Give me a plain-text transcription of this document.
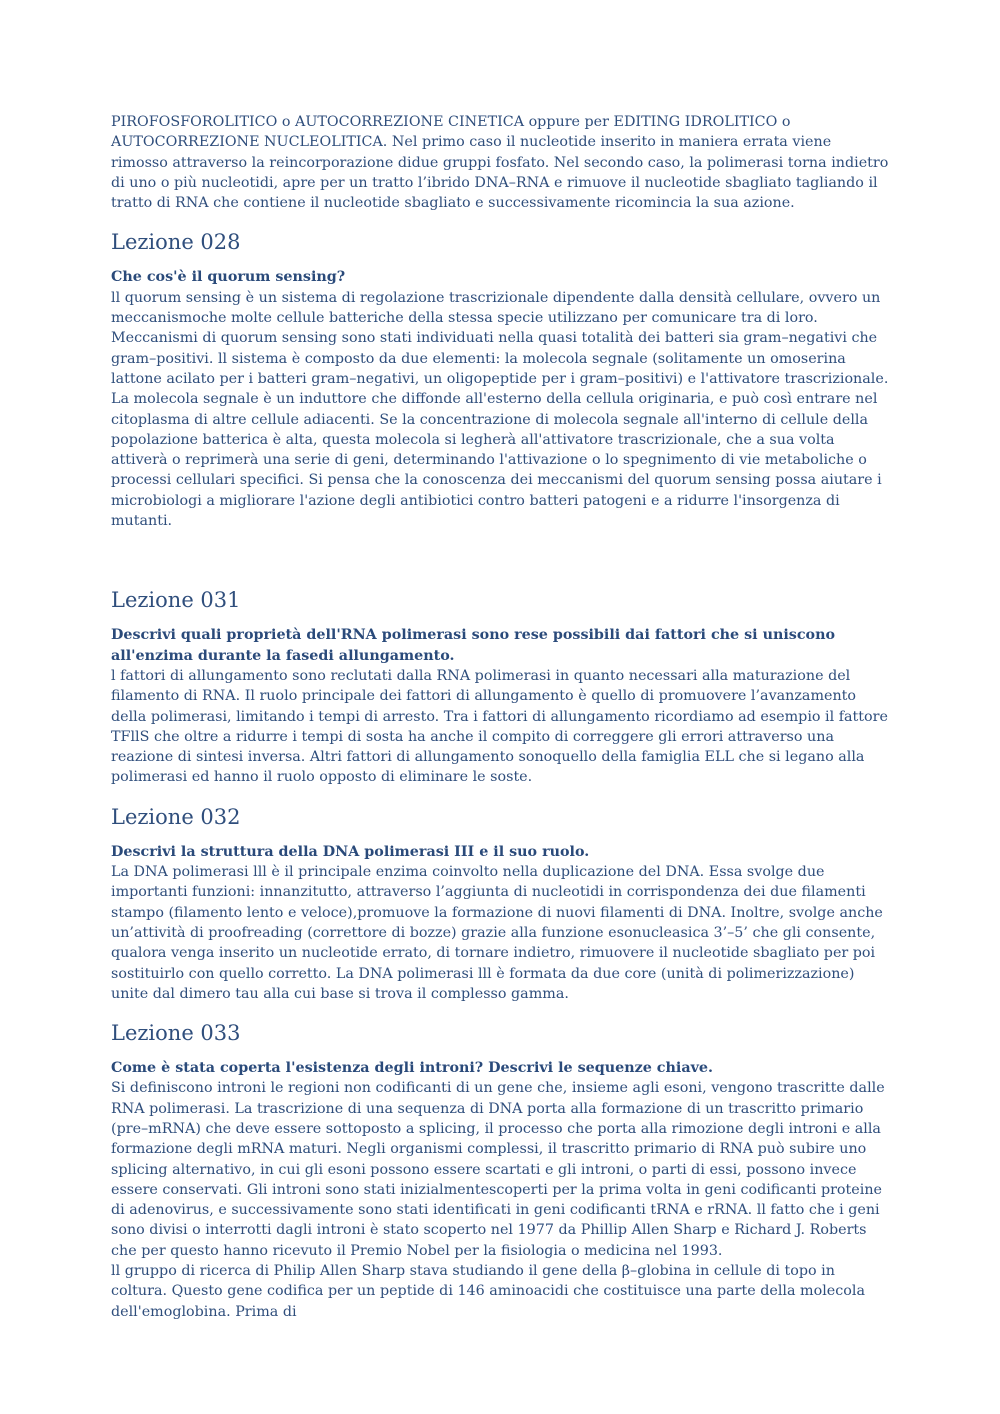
PIROFOSFOROLITICO o AUTOCORREZIONE CINETICA oppure per EDITING IDROLITICO o AUTOCORREZIONE NUCLEOLITICA. Nel primo caso il nucleotide inserito in maniera errata viene rimosso attraverso la reincorporazione didue gruppi fosfato. Nel secondo caso, la polimerasi torna indietro di uno o più nucleotidi, apre per un tratto l’ibrido DNA–RNA e rimuove il nucleotide sbagliato tagliando il tratto di RNA che contiene il nucleotide sbagliato e successivamente ricomincia la sua azione.

Lezione 028

Che cos'è il quorum sensing?

ll quorum sensing è un sistema di regolazione trascrizionale dipendente dalla densità cellulare, ovvero un meccanismoche molte cellule batteriche della stessa specie utilizzano per comunicare tra di loro. Meccanismi di quorum sensing sono stati individuati nella quasi totalità dei batteri sia gram–negativi che gram–positivi. ll sistema è composto da due elementi: la molecola segnale (solitamente un omoserina lattone acilato per i batteri gram–negativi, un oligopeptide per i gram–positivi) e l'attivatore trascrizionale. La molecola segnale è un induttore che diffonde all'esterno della cellula originaria, e può così entrare nel citoplasma di altre cellule adiacenti. Se la concentrazione di molecola segnale all'interno di cellule della popolazione batterica è alta, questa molecola si legherà all'attivatore trascrizionale, che a sua volta attiverà o reprimerà una serie di geni, determinando l'attivazione o lo spegnimento di vie metaboliche o processi cellulari specifici. Si pensa che la conoscenza dei meccanismi del quorum sensing possa aiutare i microbiologi a migliorare l'azione degli antibiotici contro batteri patogeni e a ridurre l'insorgenza di mutanti.

Lezione 031

Descrivi quali proprietà dell'RNA polimerasi sono rese possibili dai fattori che si uniscono all'enzima durante la fasedi allungamento.

l fattori di allungamento sono reclutati dalla RNA polimerasi in quanto necessari alla maturazione del filamento di RNA. Il ruolo principale dei fattori di allungamento è quello di promuovere l’avanzamento della polimerasi, limitando i tempi di arresto. Tra i fattori di allungamento ricordiamo ad esempio il fattore TFllS che oltre a ridurre i tempi di sosta ha anche il compito di correggere gli errori attraverso una reazione di sintesi inversa. Altri fattori di allungamento sonoquello della famiglia ELL che si legano alla polimerasi ed hanno il ruolo opposto di eliminare le soste.

Lezione 032

Descrivi la struttura della DNA polimerasi III e il suo ruolo.

La DNA polimerasi lll è il principale enzima coinvolto nella duplicazione del DNA. Essa svolge due importanti funzioni: innanzitutto, attraverso l’aggiunta di nucleotidi in corrispondenza dei due filamenti stampo (filamento lento e veloce),promuove la formazione di nuovi filamenti di DNA. Inoltre, svolge anche un’attività di proofreading (correttore di bozze) grazie alla funzione esonucleasica 3’–5’ che gli consente, qualora venga inserito un nucleotide errato, di tornare indietro, rimuovere il nucleotide sbagliato per poi sostituirlo con quello corretto. La DNA polimerasi lll è formata da due core (unità di polimerizzazione) unite dal dimero tau alla cui base si trova il complesso gamma.

Lezione 033

Come è stata coperta l'esistenza degli introni? Descrivi le sequenze chiave.

Si definiscono introni le regioni non codificanti di un gene che, insieme agli esoni, vengono trascritte dalle RNA polimerasi. La trascrizione di una sequenza di DNA porta alla formazione di un trascritto primario (pre–mRNA) che deve essere sottoposto a splicing, il processo che porta alla rimozione degli introni e alla formazione degli mRNA maturi. Negli organismi complessi, il trascritto primario di RNA può subire uno splicing alternativo, in cui gli esoni possono essere scartati e gli introni, o parti di essi, possono invece essere conservati. Gli introni sono stati inizialmentescoperti per la prima volta in geni codificanti proteine di adenovirus, e successivamente sono stati identificati in geni codificanti tRNA e rRNA. ll fatto che i geni sono divisi o interrotti dagli introni è stato scoperto nel 1977 da Phillip Allen Sharp e Richard J. Roberts che per questo hanno ricevuto il Premio Nobel per la fisiologia o medicina nel 1993.

ll gruppo di ricerca di Philip Allen Sharp stava studiando il gene della β–globina in cellule di topo in coltura. Questo gene codifica per un peptide di 146 aminoacidi che costituisce una parte della molecola dell'emoglobina. Prima di
